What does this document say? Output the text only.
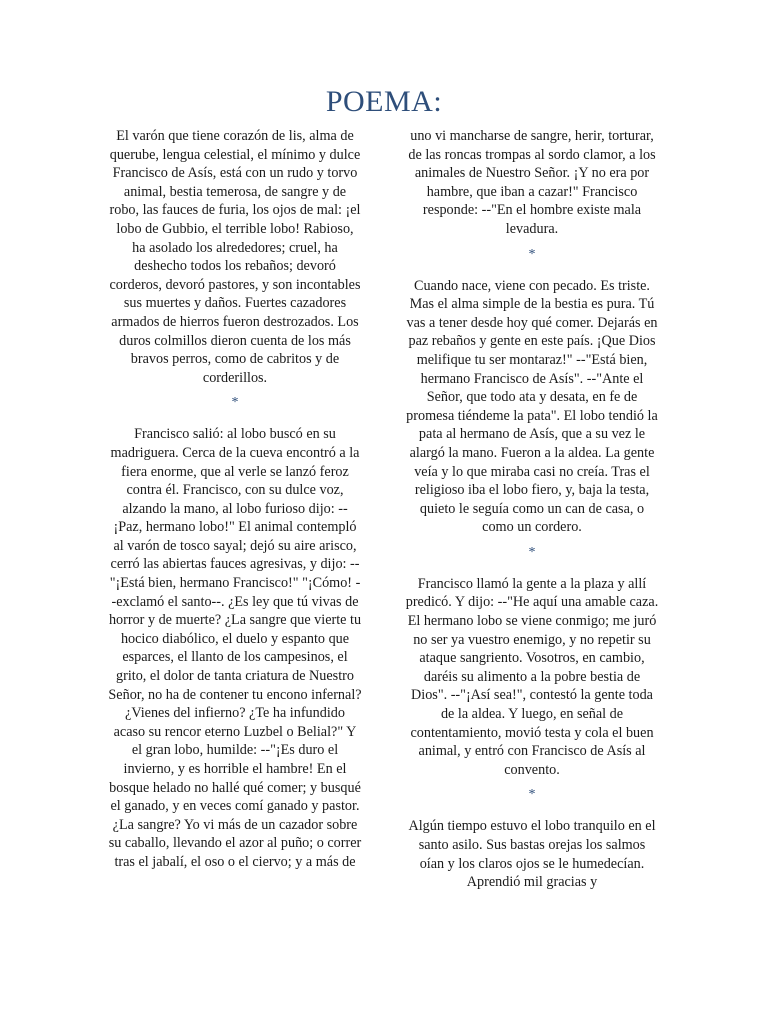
POEMA:

El varón que tiene corazón de lis, alma de querube, lengua celestial, el mínimo y dulce Francisco de Asís, está con un rudo y torvo animal, bestia temerosa, de sangre y de robo, las fauces de furia, los ojos de mal: ¡el lobo de Gubbio, el terrible lobo! Rabioso, ha asolado los alrededores; cruel, ha deshecho todos los rebaños; devoró corderos, devoró pastores, y son incontables sus muertes y daños. Fuertes cazadores armados de hierros fueron destrozados. Los duros colmillos dieron cuenta de los más bravos perros, como de cabritos y de corderillos.

*

Francisco salió: al lobo buscó en su madriguera. Cerca de la cueva encontró a la fiera enorme, que al verle se lanzó feroz contra él. Francisco, con su dulce voz, alzando la mano, al lobo furioso dijo: --¡Paz, hermano lobo!" El animal contempló al varón de tosco sayal; dejó su aire arisco, cerró las abiertas fauces agresivas, y dijo: --"¡Está bien, hermano Francisco!" "¡Cómo! --exclamó el santo--. ¿Es ley que tú vivas de horror y de muerte? ¿La sangre que vierte tu hocico diabólico, el duelo y espanto que esparces, el llanto de los campesinos, el grito, el dolor de tanta criatura de Nuestro Señor, no ha de contener tu encono infernal? ¿Vienes del infierno? ¿Te ha infundido acaso su rencor eterno Luzbel o Belial?" Y el gran lobo, humilde: --"¡Es duro el invierno, y es horrible el hambre! En el bosque helado no hallé qué comer; y busqué el ganado, y en veces comí ganado y pastor. ¿La sangre? Yo vi más de un cazador sobre su caballo, llevando el azor al puño; o correr tras el jabalí, el oso o el ciervo; y a más de

uno vi mancharse de sangre, herir, torturar, de las roncas trompas al sordo clamor, a los animales de Nuestro Señor. ¡Y no era por hambre, que iban a cazar!" Francisco responde: --"En el hombre existe mala levadura.

*

Cuando nace, viene con pecado. Es triste. Mas el alma simple de la bestia es pura. Tú vas a tener desde hoy qué comer. Dejarás en paz rebaños y gente en este país. ¡Que Dios melifique tu ser montaraz!" --"Está bien, hermano Francisco de Asís". --"Ante el Señor, que todo ata y desata, en fe de promesa tiéndeme la pata". El lobo tendió la pata al hermano de Asís, que a su vez le alargó la mano. Fueron a la aldea. La gente veía y lo que miraba casi no creía. Tras el religioso iba el lobo fiero, y, baja la testa, quieto le seguía como un can de casa, o como un cordero.

*

Francisco llamó la gente a la plaza y allí predicó. Y dijo: --"He aquí una amable caza. El hermano lobo se viene conmigo; me juró no ser ya vuestro enemigo, y no repetir su ataque sangriento. Vosotros, en cambio, daréis su alimento a la pobre bestia de Dios". --"¡Así sea!", contestó la gente toda de la aldea. Y luego, en señal de contentamiento, movió testa y cola el buen animal, y entró con Francisco de Asís al convento.

*

Algún tiempo estuvo el lobo tranquilo en el santo asilo. Sus bastas orejas los salmos oían y los claros ojos se le humedecían. Aprendió mil gracias y
